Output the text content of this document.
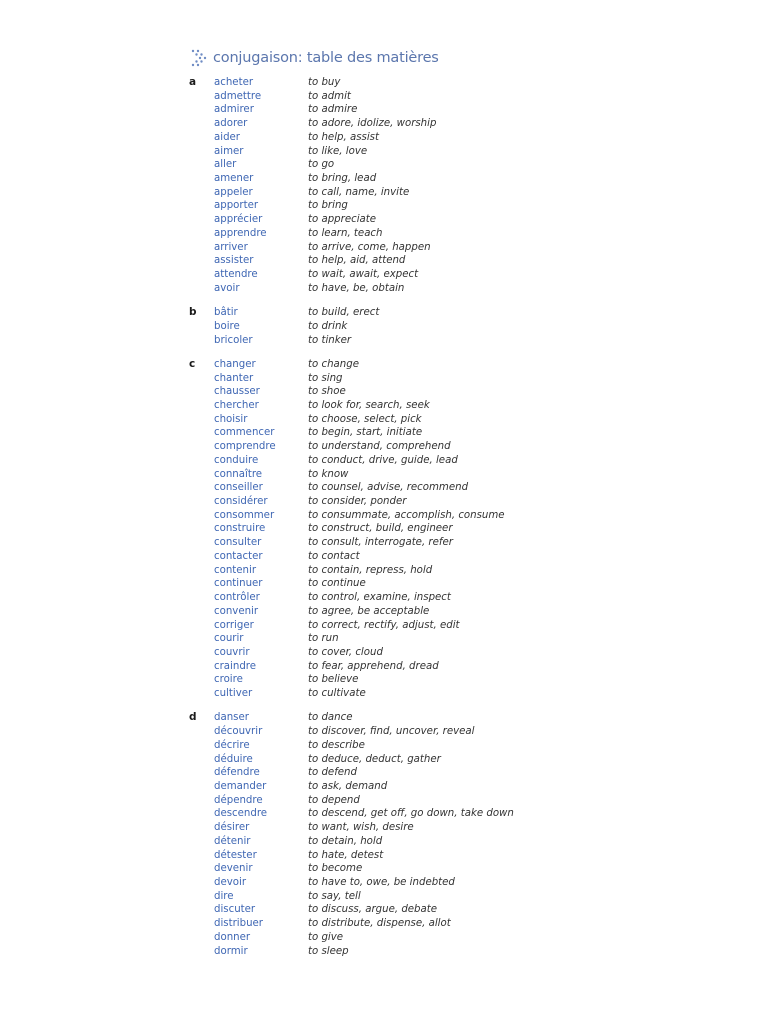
conjugaison: table des matières
a acheter	to buy
admettre	to admit
admirer	to admire
adorer	to adore, idolize, worship
aider	to help, assist
aimer	to like, love
aller	to go
amener	to bring, lead
appeler	to call, name, invite
apporter	to bring
apprécier	to appreciate
apprendre	to learn, teach
arriver	to arrive, come, happen
assister	to help, aid, attend
attendre	to wait, await, expect
avoir	to have, be, obtain
b bâtir	to build, erect
boire	to drink
bricoler	to tinker
c changer	to change
chanter	to sing
chausser	to shoe
chercher	to look for, search, seek
choisir	to choose, select, pick
commencer	to begin, start, initiate
comprendre	to understand, comprehend
conduire	to conduct, drive, guide, lead
connaître	to know
conseiller	to counsel, advise, recommend
considérer	to consider, ponder
consommer	to consummate, accomplish, consume
construire	to construct, build, engineer
consulter	to consult, interrogate, refer
contacter	to contact
contenir	to contain, repress, hold
continuer	to continue
contrôler	to control, examine, inspect
convenir	to agree, be acceptable
corriger	to correct, rectify, adjust, edit
courir	to run
couvrir	to cover, cloud
craindre	to fear, apprehend, dread
croire	to believe
cultiver	to cultivate
d danser	to dance
découvrir	to discover, find, uncover, reveal
décrire	to describe
déduire	to deduce, deduct, gather
défendre	to defend
demander	to ask, demand
dépendre	to depend
descendre	to descend, get off, go down, take down
désirer	to want, wish, desire
détenir	to detain, hold
détester	to hate, detest
devenir	to become
devoir	to have to, owe, be indebted
dire	to say, tell
discuter	to discuss, argue, debate
distribuer	to distribute, dispense, allot
donner	to give
dormir	to sleep
